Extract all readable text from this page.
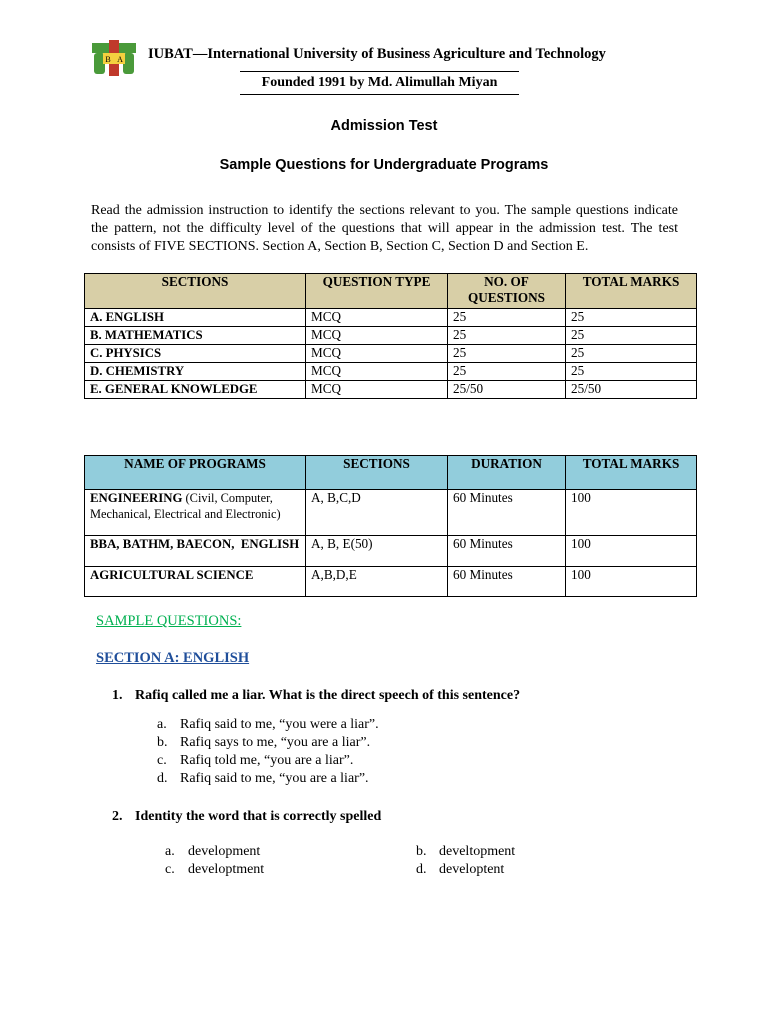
B A IUBAT—International University of Business Agriculture and Technology
Founded 1991 by Md. Alimullah Miyan
Admission Test
Sample Questions for Undergraduate Programs
Read the admission instruction to identify the sections relevant to you. The sample questions indicate the pattern, not the difficulty level of the questions that will appear in the admission test. The test consists of FIVE SECTIONS. Section A, Section B, Section C, Section D and Section E.
SECTIONS	QUESTION TYPE	NO. OF QUESTIONS	TOTAL MARKS
A. ENGLISH	MCQ	25	25
B. MATHEMATICS	MCQ	25	25
C. PHYSICS	MCQ	25	25
D. CHEMISTRY	MCQ	25	25
E. GENERAL KNOWLEDGE	MCQ	25/50	25/50
NAME OF PROGRAMS	SECTIONS	DURATION	TOTAL MARKS
ENGINEERING (Civil, Computer, Mechanical, Electrical and Electronic)	A, B,C,D	60 Minutes	100
BBA, BATHM, BAECON,  ENGLISH	A, B, E(50)	60 Minutes	100
AGRICULTURAL SCIENCE	A,B,D,E	60 Minutes	100
SAMPLE QUESTIONS:
SECTION A: ENGLISH
1. Rafiq called me a liar. What is the direct speech of this sentence?
a. Rafiq said to me, “you were a liar”.
b. Rafiq says to me, “you are a liar”.
c. Rafiq told me, “you are a liar”.
d. Rafiq said to me, “you are a liar”.
2. Identity the word that is correctly spelled
a. development	b. develtopment
c. developtment	d. developtent
